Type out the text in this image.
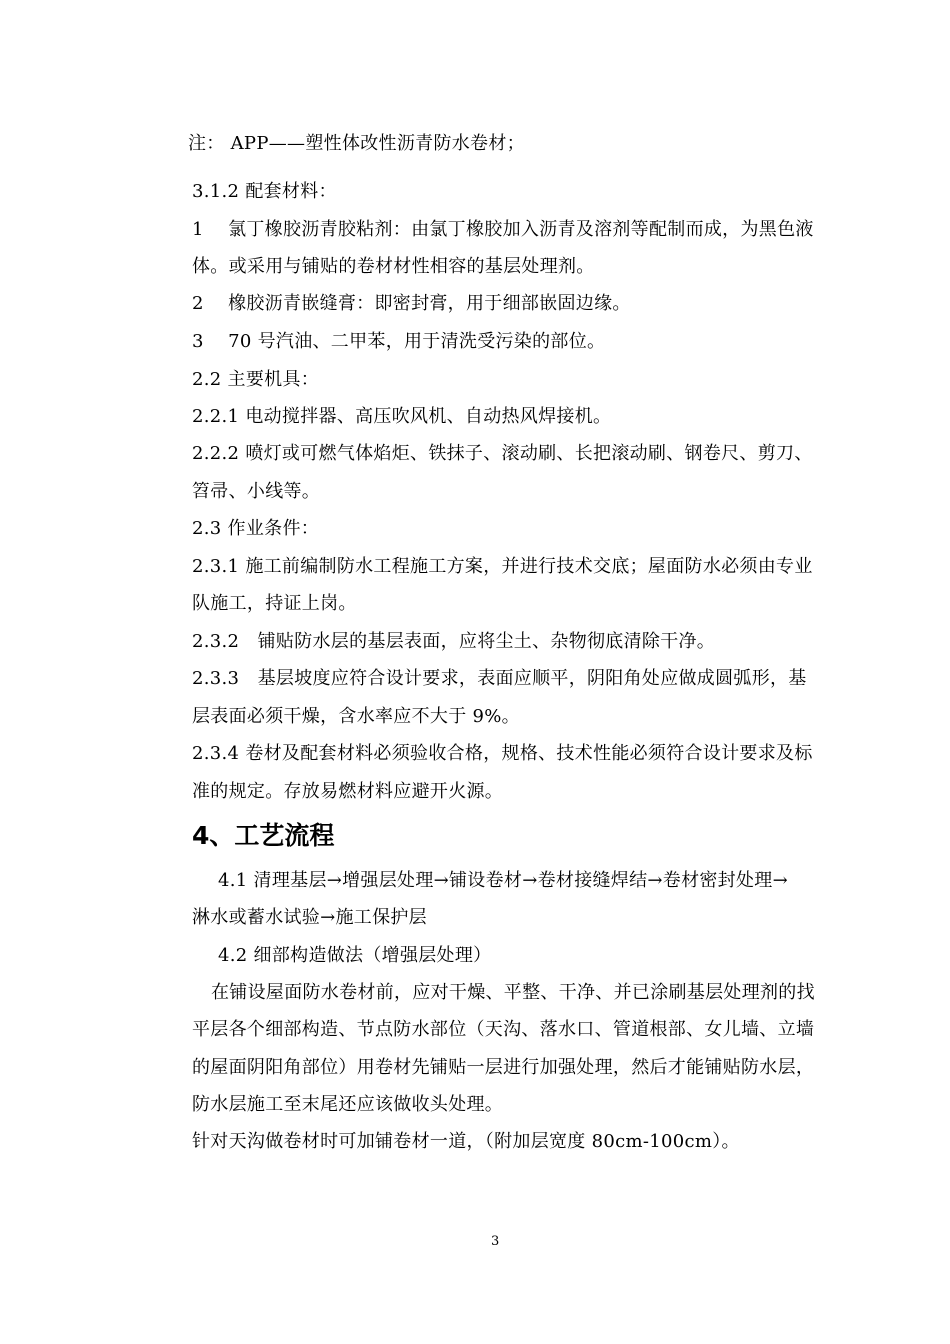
注： APP——塑性体改性沥青防水卷材；
3.1.2 配套材料：
1　 氯丁橡胶沥青胶粘剂：由氯丁橡胶加入沥青及溶剂等配制而成，为黑色液
体。或采用与铺贴的卷材材性相容的基层处理剂。
2　 橡胶沥青嵌缝膏：即密封膏，用于细部嵌固边缘。
3　 70 号汽油、二甲苯，用于清洗受污染的部位。
2.2 主要机具：
2.2.1 电动搅拌器、高压吹风机、自动热风焊接机。
2.2.2 喷灯或可燃气体焰炬、铁抹子、滚动刷、长把滚动刷、钢卷尺、剪刀、
笤帚、小线等。
2.3 作业条件：
2.3.1 施工前编制防水工程施工方案，并进行技术交底；屋面防水必须由专业
队施工，持证上岗。
2.3.2　铺贴防水层的基层表面，应将尘土、杂物彻底清除干净。
2.3.3　基层坡度应符合设计要求，表面应顺平，阴阳角处应做成圆弧形，基
层表面必须干燥，含水率应不大于 9%。
2.3.4 卷材及配套材料必须验收合格，规格、技术性能必须符合设计要求及标
准的规定。存放易燃材料应避开火源。
4、工艺流程
4.1 清理基层→增强层处理→铺设卷材→卷材接缝焊结→卷材密封处理→
淋水或蓄水试验→施工保护层
4.2 细部构造做法（增强层处理）
在铺设屋面防水卷材前，应对干燥、平整、干净、并已涂刷基层处理剂的找
平层各个细部构造、节点防水部位（天沟、落水口、管道根部、女儿墙、立墙
的屋面阴阳角部位）用卷材先铺贴一层进行加强处理，然后才能铺贴防水层，
防水层施工至末尾还应该做收头处理。
针对天沟做卷材时可加铺卷材一道，（附加层宽度 80cm-100cm）。
3
